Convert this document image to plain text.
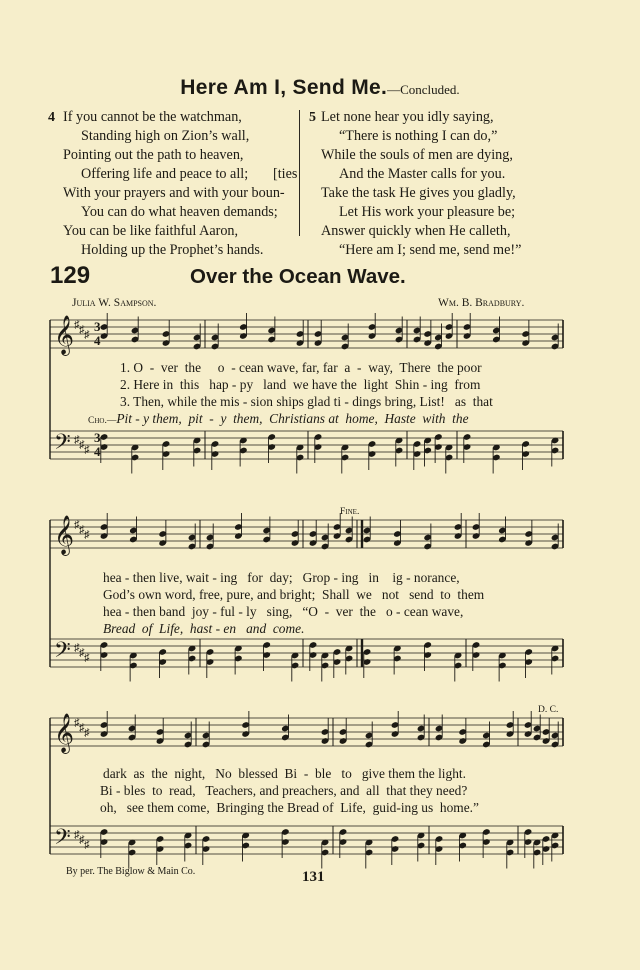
Here Am I, Send Me.—Concluded.
4 If you cannot be the watchman,
Standing high on Zion’s wall,
Pointing out the path to heaven,
Offering life and peace to all;
With your prayers and with your boun-
You can do what heaven demands;
You can be like faithful Aaron,
Holding up the Prophet’s hands.
[ties
5 Let none hear you idly saying,
“There is nothing I can do,”
While the souls of men are dying,
And the Master calls for you.
Take the task He gives you gladly,
Let His work your pleasure be;
Answer quickly when He calleth,
“Here am I; send me, send me!”
129	Over the Ocean Wave.
Julia W. Sampson.	Wm. B. Bradbury.
𝄞
𝄢
♯
♯
♯
♯
♯
♯
3
4
3
4
𝄞
𝄢
♯
♯
♯
♯
♯
♯
𝄞
𝄢
♯
♯
♯
♯
♯
♯
1. O  -  ver  the     o  - cean wave, far, far  a  -  way,  There  the poor
2. Here in  this   hap - py   land  we have the  light  Shin - ing  from
3. Then, while the mis - sion ships glad ti - dings bring, List!   as  that
Cho.—Pit - y them,  pit  -  y  them,  Christians at  home,  Haste  with  the
Fine.
hea - then live, wait - ing   for  day;   Grop - ing   in    ig - norance,
God’s own word, free, pure, and bright;  Shall  we   not   send  to  them
hea - then band  joy - ful - ly   sing,   “O  -  ver  the   o - cean wave,
Bread  of  Life,  hast - en   and  come.
D. C.
dark  as  the  night,   No  blessed  Bi  -  ble   to   give them the light.
Bi - bles  to  read,   Teachers, and preachers, and  all  that they need?
oh,   see them come,  Bringing the Bread of  Life,  guid-ing us  home.”
By per. The Biglow & Main Co.	131
